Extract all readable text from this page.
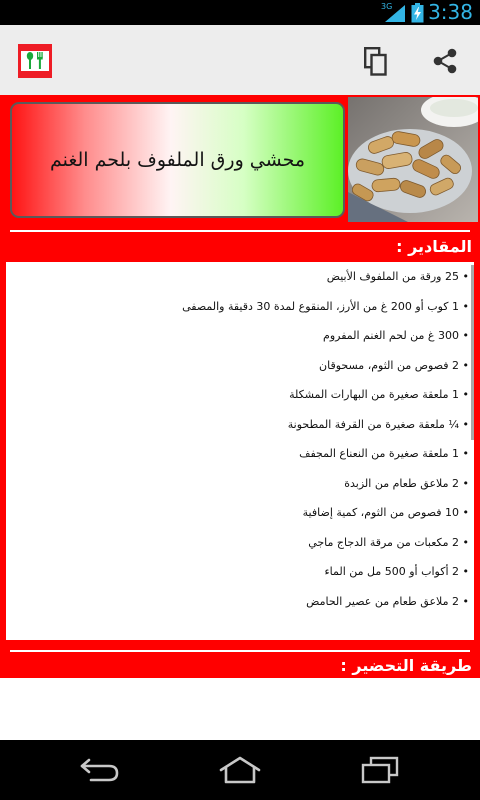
3G 3:38
محشي ورق الملفوف بلحم الغنم
المقادير :
• 25 ورقة من الملفوف الأبيض
• 1 كوب أو 200 غ من الأرز، المنقوع لمدة 30 دقيقة والمصفى
• 300 غ من لحم الغنم المفروم
• 2 فصوص من الثوم، مسحوقان
• 1 ملعقة صغيرة من البهارات المشكلة
• ¼ ملعقة صغيرة من القرفة المطحونة
• 1 ملعقة صغيرة من النعناع المجفف
• 2 ملاعق طعام من الزبدة
• 10 فصوص من الثوم، كمية إضافية
• 2 مكعبات من مرقة الدجاج ماجي
• 2 أكواب أو 500 مل من الماء
• 2 ملاعق طعام من عصير الحامض
طريقة التحضير :
